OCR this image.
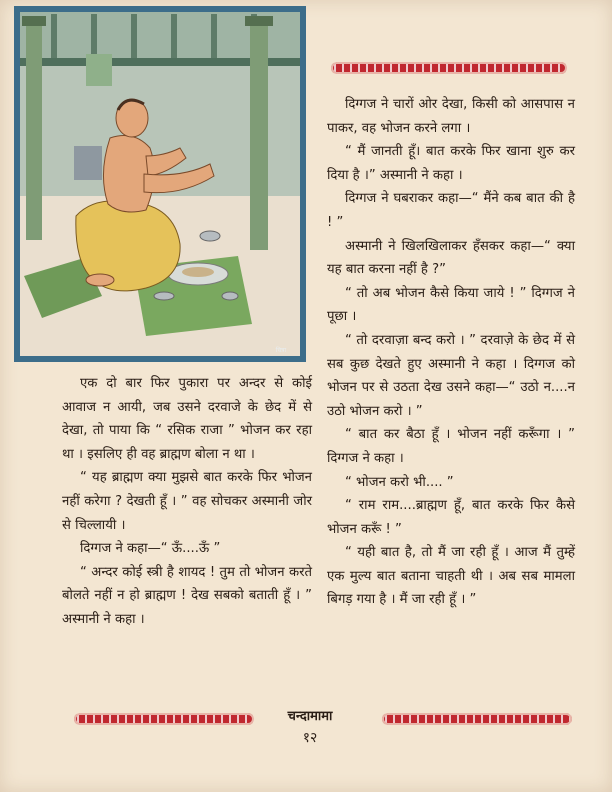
चित्रा

दिग्गज ने चारों ओर देखा, किसी को आसपास न पाकर, वह भोजन करने लगा ।

“ मैं जानती हूँ। बात करके फिर खाना शुरु कर दिया है ।” अस्मानी ने कहा ।

दिग्गज ने घबराकर कहा—“ मैंने कब बात की है ! ”

अस्मानी ने खिलखिलाकर हँसकर कहा—“ क्या यह बात करना नहीं है ?”

“ तो अब भोजन कैसे किया जाये ! ” दिग्गज ने पूछा ।

“ तो दरवाज़ा बन्द करो । ” दरवाज़े के छेद में से सब कुछ देखते हुए अस्मानी ने कहा । दिग्गज को भोजन पर से उठता देख उसने कहा—“ उठो न....न उठो भोजन करो । ”

“ बात कर बैठा हूँ । भोजन नहीं करूँगा । ” दिग्गज ने कहा ।

“ भोजन करो भी.... ”

“ राम राम....ब्राह्मण हूँ, बात करके फिर कैसे भोजन करूँ ! ”

“ यही बात है, तो मैं जा रही हूँ । आज मैं तुम्हें एक मुल्य बात बताना चाहती थी । अब सब मामला बिगड़ गया है । मैं जा रही हूँ । ”

एक दो बार फिर पुकारा पर अन्दर से कोई आवाज न आयी, जब उसने दरवाजे के छेद में से देखा, तो पाया कि “ रसिक राजा ” भोजन कर रहा था । इसलिए ही वह ब्राह्मण बोला न था ।

“ यह ब्राह्मण क्या मुझसे बात करके फिर भोजन नहीं करेगा ? देखती हूँ । ” वह सोचकर अस्मानी जोर से चिल्लायी ।

दिग्गज ने कहा—“ ऊँ....ऊँ ”

“ अन्दर कोई स्त्री है शायद ! तुम तो भोजन करते बोलते नहीं न हो ब्राह्मण ! देख सबको बताती हूँ । ” अस्मानी ने कहा ।

चन्दामामा
१२
